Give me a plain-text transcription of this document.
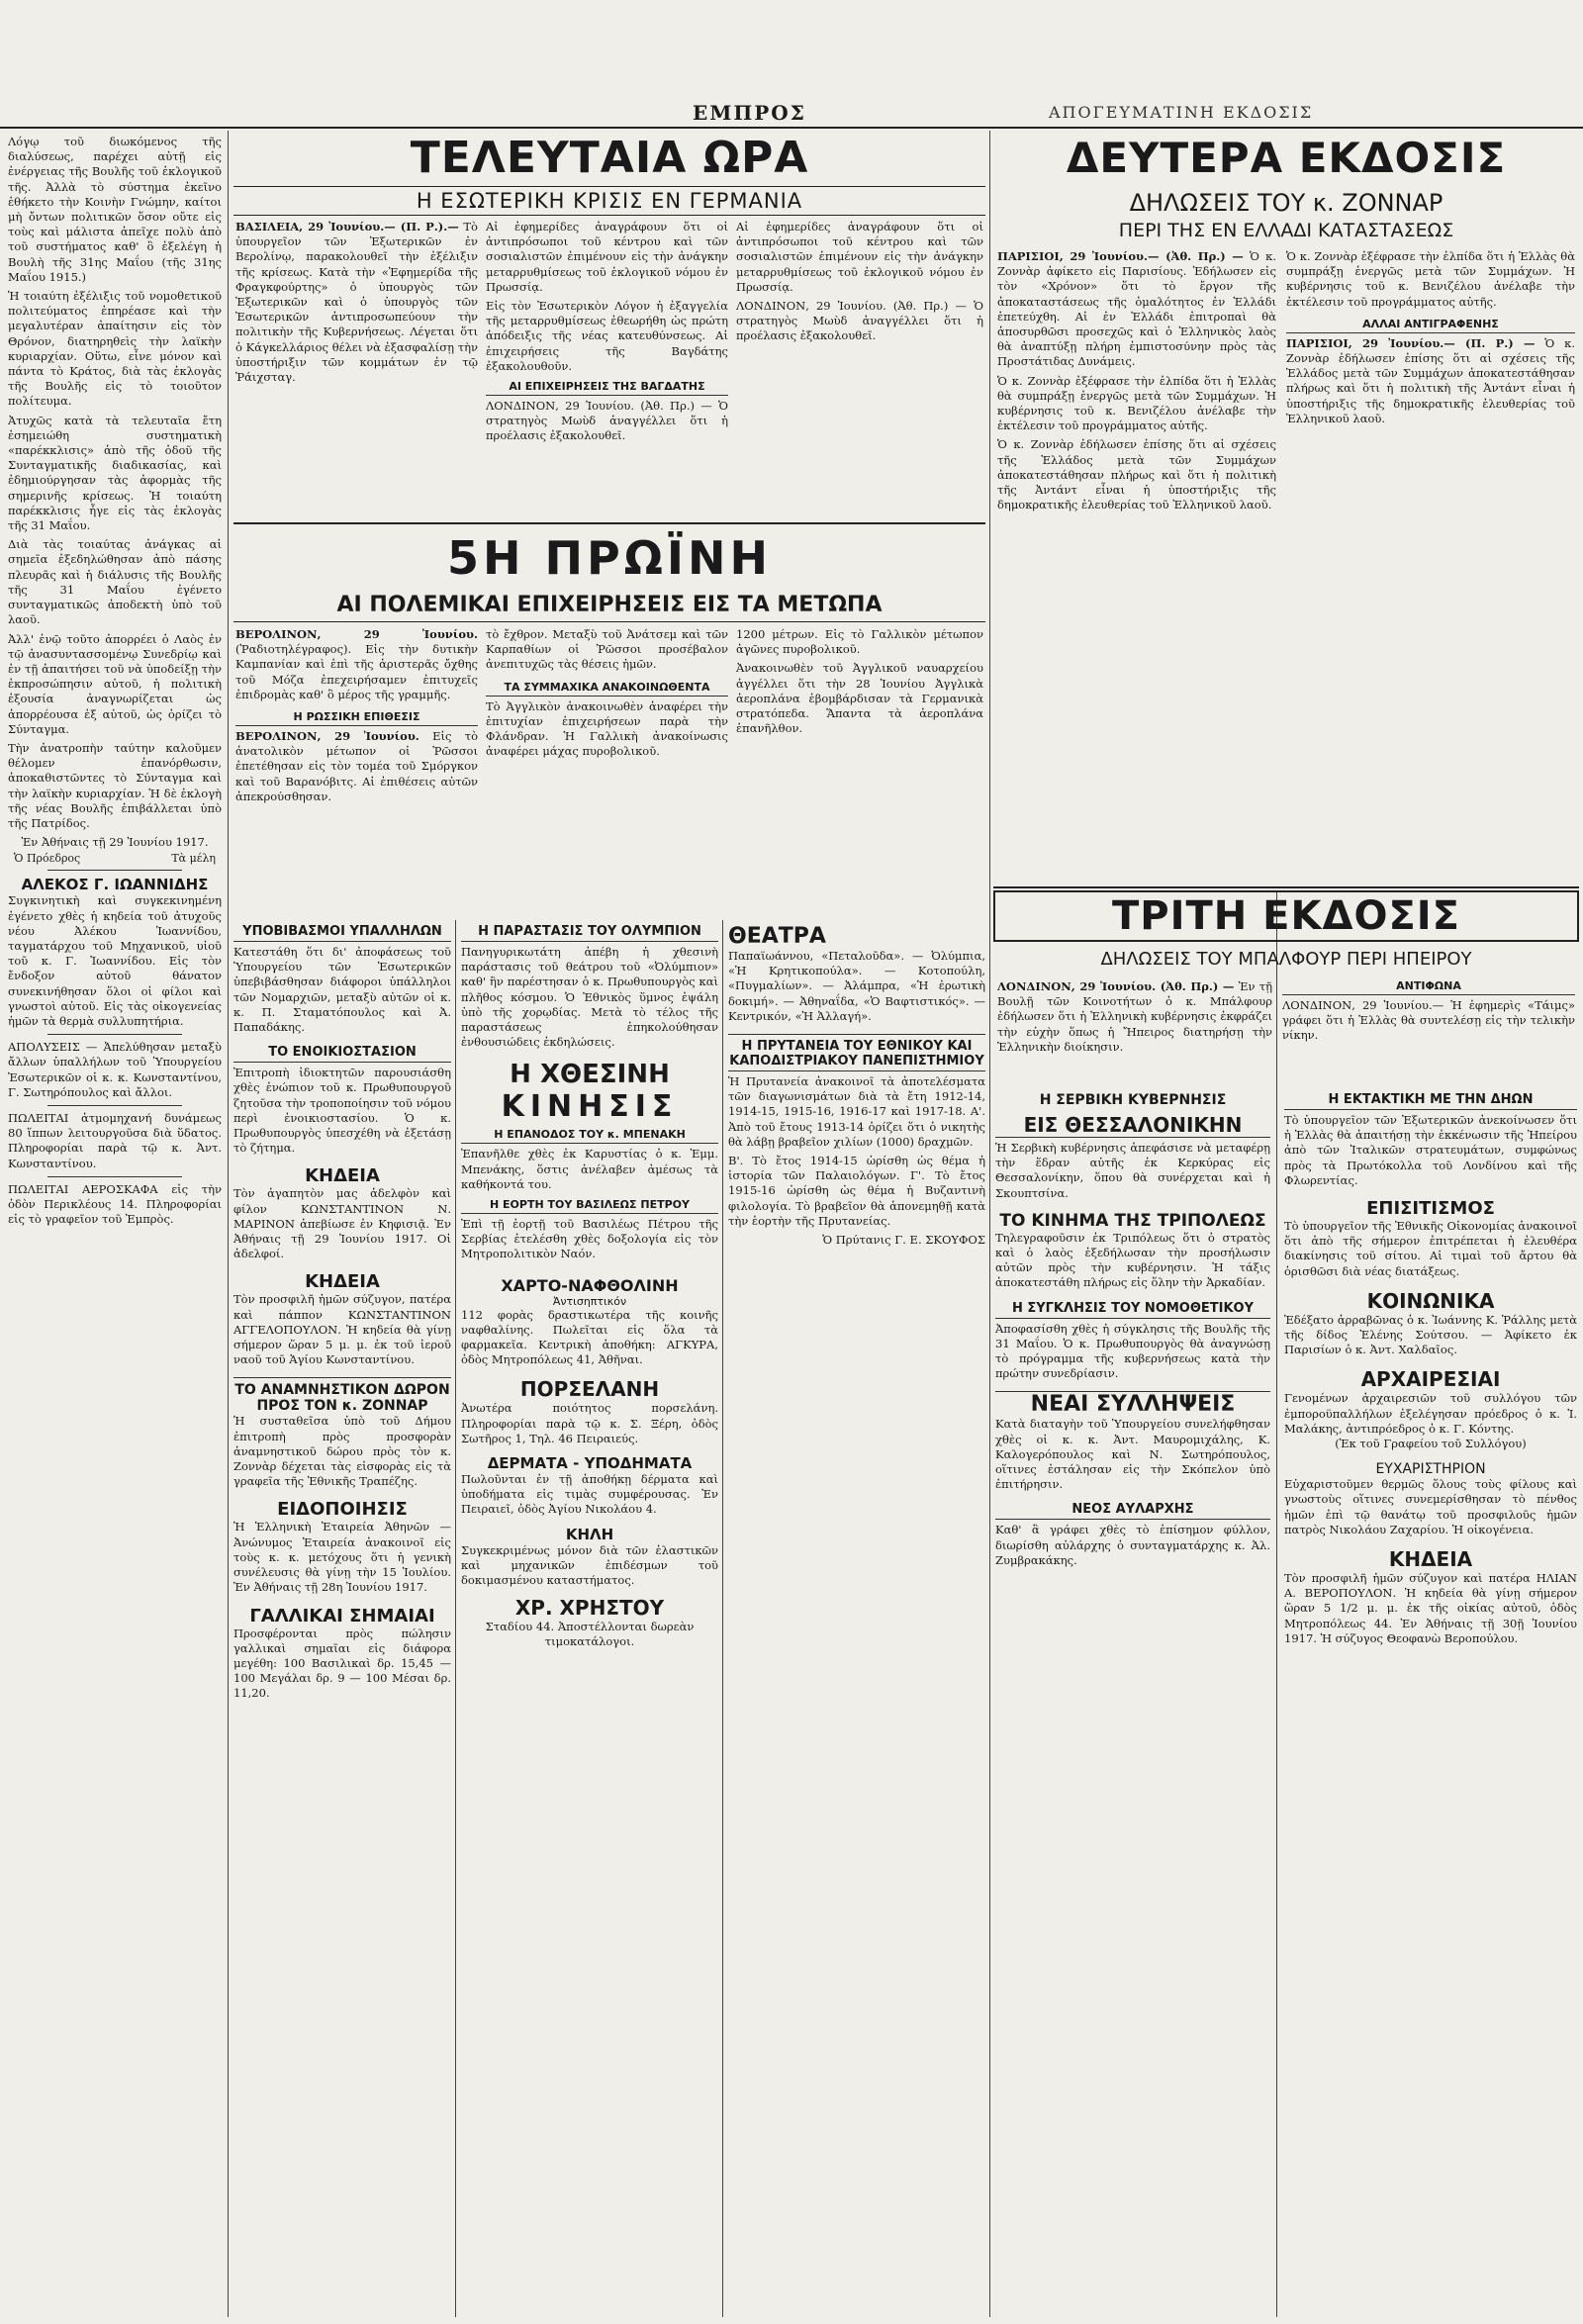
ΕΜΠΡΟΣ	ΑΠΟΓΕΥΜΑΤΙΝΗ ΕΚΔΟΣΙΣ

Λόγῳ τοῦ διωκόμενος τῆς διαλύσεως, παρέχει αὐτῇ εἰς ἐνέργειας τῆς Βουλῆς τοῦ ἐκλογικοῦ τῆς. Ἀλλὰ τὸ σύστημα ἐκεῖνο ἐθήκετο τὴν Κοινὴν Γνώμην, καίτοι μὴ ὄντων πολιτικῶν ὅσον οὔτε εἰς τοὺς καὶ μάλιστα ἀπεῖχε πολὺ ἀπὸ τοῦ συστήματος καθ' ὃ ἐξελέγη ἡ Βουλὴ τῆς 31ης Μαΐου (τῆς 31ης Μαΐου 1915.)

Ἡ τοιαύτη ἐξέλιξις τοῦ νομοθετικοῦ πολιτεύματος ἐπηρέασε καὶ τὴν μεγαλυτέραν ἀπαίτησιν εἰς τὸν Θρόνον, διατηρηθεὶς τὴν λαϊκὴν κυριαρχίαν. Οὕτω, εἶνε μόνον καὶ πάντα τὸ Κράτος, διὰ τὰς ἐκλογὰς τῆς Βουλῆς εἰς τὸ τοιοῦτον πολίτευμα.

Ἀτυχῶς κατὰ τὰ τελευταῖα ἔτη ἐσημειώθη συστηματικὴ «παρέκκλισις» ἀπὸ τῆς ὁδοῦ τῆς Συνταγματικῆς διαδικασίας, καὶ ἐδημιούργησαν τὰς ἀφορμὰς τῆς σημερινῆς κρίσεως. Ἡ τοιαύτη παρέκκλισις ἦγε εἰς τὰς ἐκλογὰς τῆς 31 Μαΐου.

Διὰ τὰς τοιαύτας ἀνάγκας αἱ σημεῖα ἐξεδηλώθησαν ἀπὸ πάσης πλευρᾶς καὶ ἡ διάλυσις τῆς Βουλῆς τῆς 31 Μαΐου ἐγένετο συνταγματικῶς ἀποδεκτὴ ὑπὸ τοῦ λαοῦ.

Ἀλλ' ἐνῷ τοῦτο ἀπορρέει ὁ Λαὸς ἐν τῷ ἀνασυντασσομένῳ Συνεδρίῳ καὶ ἐν τῇ ἀπαιτήσει τοῦ νὰ ὑποδείξῃ τὴν ἐκπροσώπησιν αὐτοῦ, ἡ πολιτικὴ ἐξουσία ἀναγνωρίζεται ὡς ἀπορρέουσα ἐξ αὐτοῦ, ὡς ὁρίζει τὸ Σύνταγμα.

Τὴν ἀνατροπὴν ταύτην καλοῦμεν θέλομεν ἐπανόρθωσιν, ἀποκαθιστῶντες τὸ Σύνταγμα καὶ τὴν λαϊκὴν κυριαρχίαν. Ἡ δὲ ἐκλογὴ τῆς νέας Βουλῆς ἐπιβάλλεται ὑπὸ τῆς Πατρίδος.

Ἐν Ἀθήναις τῇ 29 Ἰουνίου 1917.

Ὁ Πρόεδρος	Τὰ μέλη
ΑΛΕΚΟΣ Γ. ΙΩΑΝΝΙΔΗΣ

Συγκινητικὴ καὶ συγκεκινημένη ἐγένετο χθὲς ἡ κηδεία τοῦ ἀτυχοῦς νέου Ἀλέκου Ἰωαννίδου, ταγματάρχου τοῦ Μηχανικοῦ, υἱοῦ τοῦ κ. Γ. Ἰωαννίδου. Εἰς τὸν ἔνδοξον αὐτοῦ θάνατον συνεκινήθησαν ὅλοι οἱ φίλοι καὶ γνωστοὶ αὐτοῦ. Εἰς τὰς οἰκογενείας ἡμῶν τὰ θερμὰ συλλυπητήρια.

ΑΠΟΛΥΣΕΙΣ — Ἀπελύθησαν μεταξὺ ἄλλων ὑπαλλήλων τοῦ Ὑπουργείου Ἐσωτερικῶν οἱ κ. κ. Κωνσταντίνου, Γ. Σωτηρόπουλος καὶ ἄλλοι.

ΠΩΛΕΙΤΑΙ ἀτμομηχανή δυνάμεως 80 ἵππων λειτουργοῦσα διὰ ὕδατος. Πληροφορίαι παρὰ τῷ κ. Ἀντ. Κωνσταντίνου.

ΠΩΛΕΙΤΑΙ ΑΕΡΟΣΚΑΦΑ εἰς τὴν ὁδὸν Περικλέους 14. Πληροφορίαι εἰς τὸ γραφεῖον τοῦ Ἐμπρὸς.

ΤΕΛΕΥΤΑΙΑ ΩΡΑ
Η ΕΣΩΤΕΡΙΚΗ ΚΡΙΣΙΣ ΕΝ ΓΕΡΜΑΝΙΑ

ΒΑΣΙΛΕΙΑ, 29 Ἰουνίου.— (Π. Ρ.).— Τὸ ὑπουργεῖον τῶν Ἐξωτερικῶν ἐν Βερολίνῳ, παρακολουθεῖ τὴν ἐξέλιξιν τῆς κρίσεως. Κατὰ τὴν «Ἐφημερίδα τῆς Φραγκφούρτης» ὁ ὑπουργὸς τῶν Ἐξωτερικῶν καὶ ὁ ὑπουργὸς τῶν Ἐσωτερικῶν ἀντιπροσωπεύουν τὴν πολιτικὴν τῆς Κυβερνήσεως. Λέγεται ὅτι ὁ Κάγκελλάριος θέλει νὰ ἐξασφαλίσῃ τὴν ὑποστήριξιν τῶν κομμάτων ἐν τῷ Ῥάιχσταγ.

Αἱ ἐφημερίδες ἀναγράφουν ὅτι οἱ ἀντιπρόσωποι τοῦ κέντρου καὶ τῶν σοσιαλιστῶν ἐπιμένουν εἰς τὴν ἀνάγκην μεταρρυθμίσεως τοῦ ἐκλογικοῦ νόμου ἐν Πρωσσίᾳ.

Εἰς τὸν Ἐσωτερικὸν Λόγον ἡ ἐξαγγελία τῆς μεταρρυθμίσεως ἐθεωρήθη ὡς πρώτη ἀπόδειξις τῆς νέας κατευθύνσεως. Αἱ ἐπιχειρήσεις τῆς Βαγδάτης ἐξακολουθοῦν.

ΑΙ ΕΠΙΧΕΙΡΗΣΕΙΣ ΤΗΣ ΒΑΓΔΑΤΗΣ

ΛΟΝΔΙΝΟΝ, 29 Ἰουνίου. (Ἀθ. Πρ.) — Ὁ στρατηγὸς Μωὺδ ἀναγγέλλει ὅτι ἡ προέλασις ἐξακολουθεῖ.

Αἱ ἐφημερίδες ἀναγράφουν ὅτι οἱ ἀντιπρόσωποι τοῦ κέντρου καὶ τῶν σοσιαλιστῶν ἐπιμένουν εἰς τὴν ἀνάγκην μεταρρυθμίσεως τοῦ ἐκλογικοῦ νόμου ἐν Πρωσσίᾳ.

ΛΟΝΔΙΝΟΝ, 29 Ἰουνίου. (Ἀθ. Πρ.) — Ὁ στρατηγὸς Μωὺδ ἀναγγέλλει ὅτι ἡ προέλασις ἐξακολουθεῖ.

5Η ΠΡΩΪΝΗ
ΑΙ ΠΟΛΕΜΙΚΑΙ ΕΠΙΧΕΙΡΗΣΕΙΣ ΕΙΣ ΤΑ ΜΕΤΩΠΑ

ΒΕΡΟΛΙΝΟΝ, 29 Ἰουνίου. (Ῥαδιοτηλέγραφος). Εἰς τὴν δυτικὴν Καμπανίαν καὶ ἐπὶ τῆς ἀριστερᾶς ὄχθης τοῦ Μόζα ἐπεχειρήσαμεν ἐπιτυχεῖς ἐπιδρομὰς καθ' ὃ μέρος τῆς γραμμῆς.

Η ΡΩΣΣΙΚΗ ΕΠΙΘΕΣΙΣ

ΒΕΡΟΛΙΝΟΝ, 29 Ἰουνίου. Εἰς τὸ ἀνατολικὸν μέτωπον οἱ Ῥῶσσοι ἐπετέθησαν εἰς τὸν τομέα τοῦ Σμόργκον καὶ τοῦ Βαρανόβιτς. Αἱ ἐπιθέσεις αὐτῶν ἀπεκρούσθησαν.

τὸ ἔχθρον. Μεταξὺ τοῦ Ἀνάτσεμ καὶ τῶν Καρπαθίων οἱ Ῥῶσσοι προσέβαλον ἀνεπιτυχῶς τὰς θέσεις ἡμῶν.

ΤΑ ΣΥΜΜΑΧΙΚΑ ΑΝΑΚΟΙΝΩΘΕΝΤΑ

Τὸ Ἀγγλικὸν ἀνακοινωθὲν ἀναφέρει τὴν ἐπιτυχίαν ἐπιχειρήσεων παρὰ τὴν Φλάνδραν. Ἡ Γαλλικὴ ἀνακοίνωσις ἀναφέρει μάχας πυροβολικοῦ.

1200 μέτρων. Εἰς τὸ Γαλλικὸν μέτωπον ἀγῶνες πυροβολικοῦ.

Ἀνακοινωθὲν τοῦ Ἀγγλικοῦ ναυαρχείου ἀγγέλλει ὅτι τὴν 28 Ἰουνίου Ἀγγλικὰ ἀεροπλάνα ἐβομβάρδισαν τὰ Γερμανικὰ στρατόπεδα. Ἅπαντα τὰ ἀεροπλάνα ἐπανῆλθον.

ΔΕΥΤΕΡΑ ΕΚΔΟΣΙΣ
ΔΗΛΩΣΕΙΣ ΤΟΥ κ. ΖΟΝΝΑΡ
ΠΕΡΙ ΤΗΣ ΕΝ ΕΛΛΑΔΙ ΚΑΤΑΣΤΑΣΕΩΣ

ΠΑΡΙΣΙΟΙ, 29 Ἰουνίου.— (Ἀθ. Πρ.) — Ὁ κ. Ζοννὰρ ἀφίκετο εἰς Παρισίους. Ἐδήλωσεν εἰς τὸν «Χρόνον» ὅτι τὸ ἔργον τῆς ἀποκαταστάσεως τῆς ὁμαλότητος ἐν Ἑλλάδι ἐπετεύχθη. Αἱ ἐν Ἑλλάδι ἐπιτροπαὶ θὰ ἀποσυρθῶσι προσεχῶς καὶ ὁ Ἑλληνικὸς λαὸς θὰ ἀναπτύξῃ πλήρη ἐμπιστοσύνην πρὸς τὰς Προστάτιδας Δυνάμεις.

Ὁ κ. Ζοννὰρ ἐξέφρασε τὴν ἐλπίδα ὅτι ἡ Ἑλλὰς θὰ συμπράξῃ ἐνεργῶς μετὰ τῶν Συμμάχων. Ἡ κυβέρνησις τοῦ κ. Βενιζέλου ἀνέλαβε τὴν ἐκτέλεσιν τοῦ προγράμματος αὐτῆς.

Ὁ κ. Ζοννὰρ ἐδήλωσεν ἐπίσης ὅτι αἱ σχέσεις τῆς Ἑλλάδος μετὰ τῶν Συμμάχων ἀποκατεστάθησαν πλήρως καὶ ὅτι ἡ πολιτικὴ τῆς Ἀντάντ εἶναι ἡ ὑποστήριξις τῆς δημοκρατικῆς ἐλευθερίας τοῦ Ἑλληνικοῦ λαοῦ.

Ὁ κ. Ζοννὰρ ἐξέφρασε τὴν ἐλπίδα ὅτι ἡ Ἑλλὰς θὰ συμπράξῃ ἐνεργῶς μετὰ τῶν Συμμάχων. Ἡ κυβέρνησις τοῦ κ. Βενιζέλου ἀνέλαβε τὴν ἐκτέλεσιν τοῦ προγράμματος αὐτῆς.

ΑΛΛΑΙ ΑΝΤΙΓΡΑΦΕΝΗΣ

ΠΑΡΙΣΙΟΙ, 29 Ἰουνίου.— (Π. Ρ.) — Ὁ κ. Ζοννὰρ ἐδήλωσεν ἐπίσης ὅτι αἱ σχέσεις τῆς Ἑλλάδος μετὰ τῶν Συμμάχων ἀποκατεστάθησαν πλήρως καὶ ὅτι ἡ πολιτικὴ τῆς Ἀντάντ εἶναι ἡ ὑποστήριξις τῆς δημοκρατικῆς ἐλευθερίας τοῦ Ἑλληνικοῦ λαοῦ.

ΤΡΙΤΗ ΕΚΔΟΣΙΣ
ΔΗΛΩΣΕΙΣ ΤΟΥ ΜΠΑΛΦΟΥΡ ΠΕΡΙ ΗΠΕΙΡΟΥ

ΛΟΝΔΙΝΟΝ, 29 Ἰουνίου. (Ἀθ. Πρ.) — Ἐν τῇ Βουλῇ τῶν Κοινοτήτων ὁ κ. Μπάλφουρ ἐδήλωσεν ὅτι ἡ Ἑλληνικὴ κυβέρνησις ἐκφράζει τὴν εὐχὴν ὅπως ἡ Ἤπειρος διατηρήσῃ τὴν Ἑλληνικὴν διοίκησιν.

ΑΝΤΙΦΩΝΑ

ΛΟΝΔΙΝΟΝ, 29 Ἰουνίου.— Ἡ ἐφημερὶς «Τάιμς» γράφει ὅτι ἡ Ἑλλὰς θὰ συντελέσῃ εἰς τὴν τελικὴν νίκην.

ΥΠΟΒΙΒΑΣΜΟΙ ΥΠΑΛΛΗΛΩΝ

Κατεστάθη ὅτι δι' ἀποφάσεως τοῦ Ὑπουργείου τῶν Ἐσωτερικῶν ὑπεβιβάσθησαν διάφοροι ὑπάλληλοι τῶν Νομαρχιῶν, μεταξὺ αὐτῶν οἱ κ. κ. Π. Σταματόπουλος καὶ Ἀ. Παπαδάκης.

ΤΟ ΕΝΟΙΚΙΟΣΤΑΣΙΟΝ

Ἐπιτροπὴ ἰδιοκτητῶν παρουσιάσθη χθὲς ἐνώπιον τοῦ κ. Πρωθυπουργοῦ ζητοῦσα τὴν τροποποίησιν τοῦ νόμου περὶ ἐνοικιοστασίου. Ὁ κ. Πρωθυπουργὸς ὑπεσχέθη νὰ ἐξετάσῃ τὸ ζήτημα.

ΚΗΔΕΙΑ

Τὸν ἀγαπητὸν μας ἀδελφὸν καὶ φίλον ΚΩΝΣΤΑΝΤΙΝΟΝ Ν. ΜΑΡΙΝΟΝ ἀπεβίωσε ἐν Κηφισιᾷ. Ἐν Ἀθήναις τῇ 29 Ἰουνίου 1917. Οἱ ἀδελφοί.

ΚΗΔΕΙΑ

Τὸν προσφιλῆ ἡμῶν σύζυγον, πατέρα καὶ πάππον ΚΩΝΣΤΑΝΤΙΝΟΝ ΑΓΓΕΛΟΠΟΥΛΟΝ. Ἡ κηδεία θὰ γίνῃ σήμερον ὥραν 5 μ. μ. ἐκ τοῦ ἱεροῦ ναοῦ τοῦ Ἁγίου Κωνσταντίνου.

ΤΟ ΑΝΑΜΝΗΣΤΙΚΟΝ ΔΩΡΟΝ ΠΡΟΣ ΤΟΝ κ. ΖΟΝΝΑΡ

Ἡ συσταθεῖσα ὑπὸ τοῦ Δήμου ἐπιτροπὴ πρὸς προσφορὰν ἀναμνηστικοῦ δώρου πρὸς τὸν κ. Ζοννὰρ δέχεται τὰς εἰσφορὰς εἰς τὰ γραφεῖα τῆς Ἐθνικῆς Τραπέζης.

ΕΙΔΟΠΟΙΗΣΙΣ

Ἡ Ἑλληνικὴ Ἑταιρεία Ἀθηνῶν — Ἀνώνυμος Ἑταιρεία ἀνακοινοῖ εἰς τοὺς κ. κ. μετόχους ὅτι ἡ γενικὴ συνέλευσις θὰ γίνῃ τὴν 15 Ἰουλίου. Ἐν Ἀθήναις τῇ 28η Ἰουνίου 1917.

ΓΑΛΛΙΚΑΙ ΣΗΜΑΙΑΙ

Προσφέρονται πρὸς πώλησιν γαλλικαὶ σημαῖαι εἰς διάφορα μεγέθη: 100 Βασιλικαὶ δρ. 15,45 — 100 Μεγάλαι δρ. 9 — 100 Μέσαι δρ. 11,20.

Η ΠΑΡΑΣΤΑΣΙΣ ΤΟΥ ΟΛΥΜΠΙΟΝ

Πανηγυρικωτάτη ἀπέβη ἡ χθεσινὴ παράστασις τοῦ θεάτρου τοῦ «Ὀλύμπιον» καθ' ἣν παρέστησαν ὁ κ. Πρωθυπουργὸς καὶ πλῆθος κόσμου. Ὁ Ἐθνικὸς ὕμνος ἐψάλη ὑπὸ τῆς χορῳδίας. Μετὰ τὸ τέλος τῆς παραστάσεως ἐπηκολούθησαν ἐνθουσιώδεις ἐκδηλώσεις.

Η ΧΘΕΣΙΝΗ
ΚΙΝΗΣΙΣ
Η ΕΠΑΝΟΔΟΣ ΤΟΥ κ. ΜΠΕΝΑΚΗ

Ἐπανῆλθε χθὲς ἐκ Καρυστίας ὁ κ. Ἐμμ. Μπενάκης, ὅστις ἀνέλαβεν ἀμέσως τὰ καθήκοντά του.

Η ΕΟΡΤΗ ΤΟΥ ΒΑΣΙΛΕΩΣ ΠΕΤΡΟΥ

Ἐπὶ τῇ ἐορτῇ τοῦ Βασιλέως Πέτρου τῆς Σερβίας ἐτελέσθη χθὲς δοξολογία εἰς τὸν Μητροπολιτικὸν Ναόν.

ΧΑΡΤΟ-ΝΑΦΘΟΛΙΝΗ
Ἀντισηπτικόν

112 φορὰς δραστικωτέρα τῆς κοινῆς ναφθαλίνης. Πωλεῖται εἰς ὅλα τὰ φαρμακεῖα. Κεντρικὴ ἀποθήκη: ΑΓΚΥΡΑ, ὁδὸς Μητροπόλεως 41, Ἀθῆναι.

ΠΟΡΣΕΛΑΝΗ

Ἀνωτέρα ποιότητος πορσελάνη. Πληροφορίαι παρὰ τῷ κ. Σ. Ξέρη, ὁδὸς Σωτῆρος 1, Τηλ. 46 Πειραιεύς.

ΔΕΡΜΑΤΑ - ΥΠΟΔΗΜΑΤΑ

Πωλοῦνται ἐν τῇ ἀποθήκῃ δέρματα καὶ ὑποδήματα εἰς τιμὰς συμφέρουσας. Ἐν Πειραιεῖ, ὁδὸς Ἀγίου Νικολάου 4.

ΚΗΛΗ

Συγκεκριμένως μόνον διὰ τῶν ἐλαστικῶν καὶ μηχανικῶν ἐπιδέσμων τοῦ δοκιμασμένου καταστήματος.

ΧΡ. ΧΡΗΣΤΟΥ

Σταδίου 44. Ἀποστέλλονται δωρεὰν τιμοκατάλογοι.

ΘΕΑΤΡΑ

Παπαϊωάννου, «Πεταλοῦδα». — Ὀλύμπια, «Ἡ Κρητικοπούλα». — Κοτοπούλη, «Πυγμαλίων». — Ἀλάμπρα, «Ἡ ἐρωτικὴ δοκιμή». — Ἀθηναΐδα, «Ὁ Βαφτιστικός». — Κεντρικόν, «Ἡ Ἀλλαγή».

Η ΠΡΥΤΑΝΕΙΑ ΤΟΥ ΕΘΝΙΚΟΥ ΚΑΙ ΚΑΠΟΔΙΣΤΡΙΑΚΟΥ ΠΑΝΕΠΙΣΤΗΜΙΟΥ

Ἡ Πρυτανεία ἀνακοινοῖ τὰ ἀποτελέσματα τῶν διαγωνισμάτων διὰ τὰ ἔτη 1912-14, 1914-15, 1915-16, 1916-17 καὶ 1917-18. Α'. Ἀπὸ τοῦ ἔτους 1913-14 ὁρίζει ὅτι ὁ νικητὴς θὰ λάβῃ βραβεῖον χιλίων (1000) δραχμῶν.

Β'. Τὸ ἔτος 1914-15 ὡρίσθη ὡς θέμα ἡ ἱστορία τῶν Παλαιολόγων. Γ'. Τὸ ἔτος 1915-16 ὡρίσθη ὡς θέμα ἡ Βυζαντινὴ φιλολογία. Τὸ βραβεῖον θὰ ἀπονεμηθῇ κατὰ τὴν ἑορτὴν τῆς Πρυτανείας.

Ὁ Πρύτανις Γ. Ε. ΣΚΟΥΦΟΣ

Η ΣΕΡΒΙΚΗ ΚΥΒΕΡΝΗΣΙΣ
ΕΙΣ ΘΕΣΣΑΛΟΝΙΚΗΝ

Ἡ Σερβικὴ κυβέρνησις ἀπεφάσισε νὰ μεταφέρῃ τὴν ἕδραν αὐτῆς ἐκ Κερκύρας εἰς Θεσσαλονίκην, ὅπου θὰ συνέρχεται καὶ ἡ Σκουπτσίνα.

ΤΟ ΚΙΝΗΜΑ ΤΗΣ ΤΡΙΠΟΛΕΩΣ

Τηλεγραφοῦσιν ἐκ Τριπόλεως ὅτι ὁ στρατὸς καὶ ὁ λαὸς ἐξεδήλωσαν τὴν προσήλωσιν αὐτῶν πρὸς τὴν κυβέρνησιν. Ἡ τάξις ἀποκατεστάθη πλήρως εἰς ὅλην τὴν Ἀρκαδίαν.

Η ΣΥΓΚΛΗΣΙΣ ΤΟΥ ΝΟΜΟΘΕΤΙΚΟΥ

Ἀποφασίσθη χθὲς ἡ σύγκλησις τῆς Βουλῆς τῆς 31 Μαΐου. Ὁ κ. Πρωθυπουργὸς θὰ ἀναγνώσῃ τὸ πρόγραμμα τῆς κυβερνήσεως κατὰ τὴν πρώτην συνεδρίασιν.

ΝΕΑΙ ΣΥΛΛΗΨΕΙΣ

Κατὰ διαταγὴν τοῦ Ὑπουργείου συνελήφθησαν χθὲς οἱ κ. κ. Ἀντ. Μαυρομιχάλης, Κ. Καλογερόπουλος καὶ Ν. Σωτηρόπουλος, οἵτινες ἐστάλησαν εἰς τὴν Σκόπελον ὑπὸ ἐπιτήρησιν.

ΝΕΟΣ ΑΥΛΑΡΧΗΣ

Καθ' ἃ γράφει χθὲς τὸ ἐπίσημον φύλλον, διωρίσθη αὐλάρχης ὁ συνταγματάρχης κ. Ἀλ. Ζυμβρακάκης.

Η ΕΚΤΑΚΤΙΚΗ ΜΕ ΤΗΝ ΔΗΩΝ

Τὸ ὑπουργεῖον τῶν Ἐξωτερικῶν ἀνεκοίνωσεν ὅτι ἡ Ἑλλὰς θὰ ἀπαιτήσῃ τὴν ἐκκένωσιν τῆς Ἠπείρου ἀπὸ τῶν Ἰταλικῶν στρατευμάτων, συμφώνως πρὸς τὰ Πρωτόκολλα τοῦ Λονδίνου καὶ τῆς Φλωρεντίας.

ΕΠΙΣΙΤΙΣΜΟΣ

Τὸ ὑπουργεῖον τῆς Ἐθνικῆς Οἰκονομίας ἀνακοινοῖ ὅτι ἀπὸ τῆς σήμερον ἐπιτρέπεται ἡ ἐλευθέρα διακίνησις τοῦ σίτου. Αἱ τιμαὶ τοῦ ἄρτου θὰ ὁρισθῶσι διὰ νέας διατάξεως.

ΚΟΙΝΩΝΙΚΑ

Ἐδέξατο ἀρραβῶνας ὁ κ. Ἰωάννης Κ. Ῥάλλης μετὰ τῆς δίδος Ἑλένης Σούτσου. — Ἀφίκετο ἐκ Παρισίων ὁ κ. Ἀντ. Χαλδαῖος.

ΑΡΧΑΙΡΕΣΙΑΙ

Γενομένων ἀρχαιρεσιῶν τοῦ συλλόγου τῶν ἐμποροϋπαλλήλων ἐξελέγησαν πρόεδρος ὁ κ. Ἰ. Μαλάκης, ἀντιπρόεδρος ὁ κ. Γ. Κόντης.

(Ἐκ τοῦ Γραφείου τοῦ Συλλόγου)

ΕΥΧΑΡΙΣΤΗΡΙΟΝ

Εὐχαριστοῦμεν θερμῶς ὅλους τοὺς φίλους καὶ γνωστοὺς οἵτινες συνεμερίσθησαν τὸ πένθος ἡμῶν ἐπὶ τῷ θανάτῳ τοῦ προσφιλοῦς ἡμῶν πατρὸς Νικολάου Ζαχαρίου. Ἡ οἰκογένεια.

ΚΗΔΕΙΑ

Τὸν προσφιλῆ ἡμῶν σύζυγον καὶ πατέρα ΗΛΙΑΝ Α. ΒΕΡΟΠΟΥΛΟΝ. Ἡ κηδεία θὰ γίνῃ σήμερον ὥραν 5 1/2 μ. μ. ἐκ τῆς οἰκίας αὐτοῦ, ὁδὸς Μητροπόλεως 44. Ἐν Ἀθήναις τῇ 30ῇ Ἰουνίου 1917. Ἡ σύζυγος Θεοφανὼ Βεροπούλου.
